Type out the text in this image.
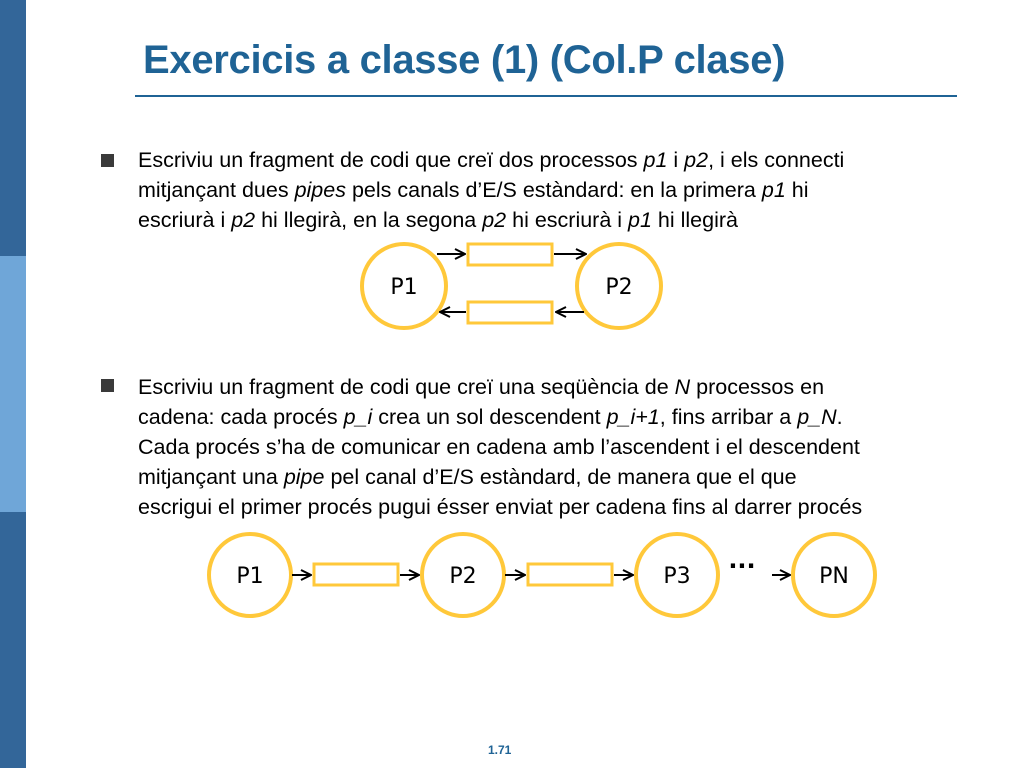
Exercicis a classe (1) (Col.P clase)

Escriviu un fragment de codi que creï dos processos p1 i p2, i els connecti

mitjançant dues pipes pels canals d’E/S estàndard: en la primera p1 hi

escriurà i p2 hi llegirà, en la segona p2 hi escriurà i p1 hi llegirà

P1	P2

Escriviu un fragment de codi que creï una seqüència de N processos en

cadena: cada procés p_i crea un sol descendent p_i+1, fins arribar a p_N.

Cada procés s’ha de comunicar en cadena amb l’ascendent i el descendent

mitjançant una pipe pel canal d’E/S estàndard, de manera que el que

escrigui el primer procés pugui ésser enviat per cadena fins al darrer procés

P1	P2	P3	PN
···
1.71
